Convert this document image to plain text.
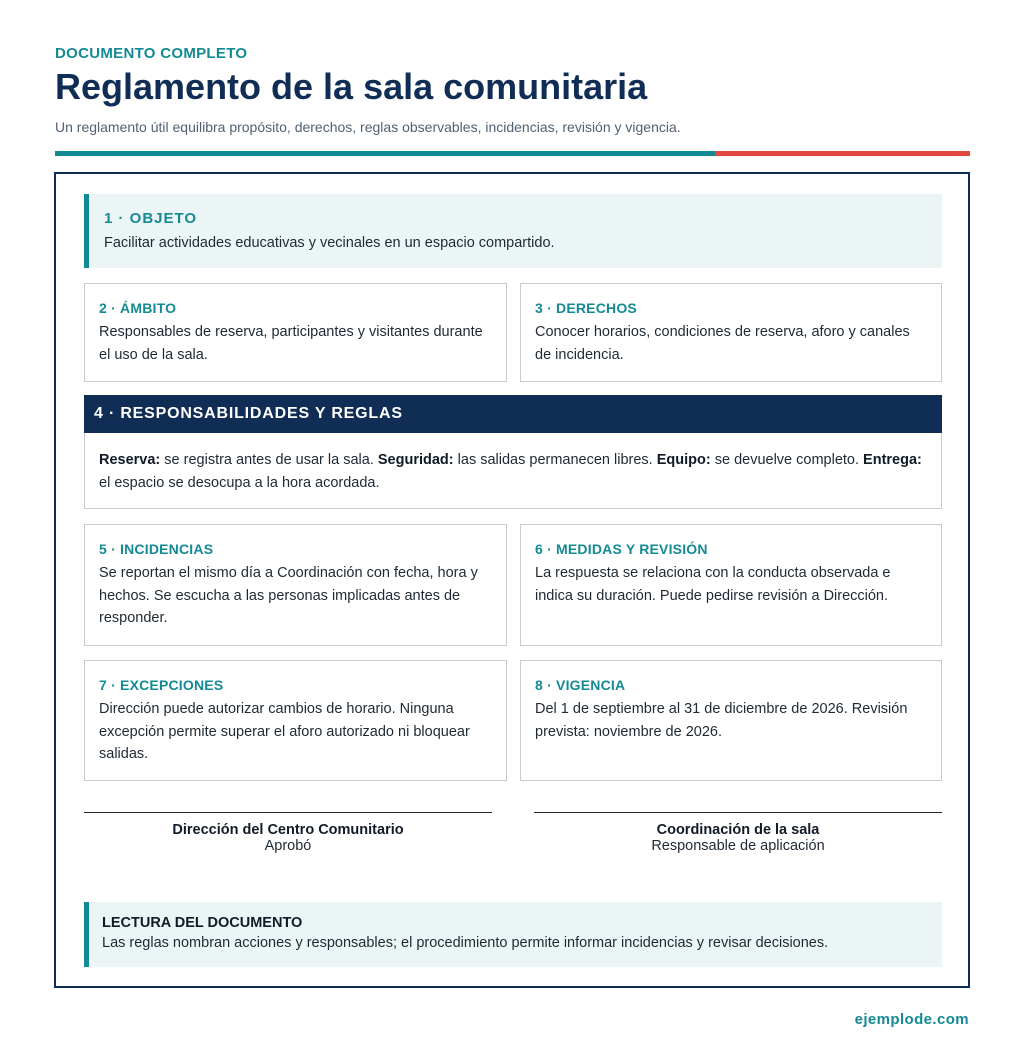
DOCUMENTO COMPLETO
Reglamento de la sala comunitaria
Un reglamento útil equilibra propósito, derechos, reglas observables, incidencias, revisión y vigencia.
1 · OBJETO
Facilitar actividades educativas y vecinales en un espacio compartido.
2 · ÁMBITO
Responsables de reserva, participantes y visitantes durante el uso de la sala.
3 · DERECHOS
Conocer horarios, condiciones de reserva, aforo y canales de incidencia.
4 · RESPONSABILIDADES Y REGLAS
Reserva: se registra antes de usar la sala. Seguridad: las salidas permanecen libres. Equipo: se devuelve completo. Entrega: el espacio se desocupa a la hora acordada.
5 · INCIDENCIAS
Se reportan el mismo día a Coordinación con fecha, hora y hechos. Se escucha a las personas implicadas antes de responder.
6 · MEDIDAS Y REVISIÓN
La respuesta se relaciona con la conducta observada e indica su duración. Puede pedirse revisión a Dirección.
7 · EXCEPCIONES
Dirección puede autorizar cambios de horario. Ninguna excepción permite superar el aforo autorizado ni bloquear salidas.
8 · VIGENCIA
Del 1 de septiembre al 31 de diciembre de 2026. Revisión prevista: noviembre de 2026.
Dirección del Centro Comunitario
Aprobó
Coordinación de la sala
Responsable de aplicación
LECTURA DEL DOCUMENTO
Las reglas nombran acciones y responsables; el procedimiento permite informar incidencias y revisar decisiones.
ejemplode.com
